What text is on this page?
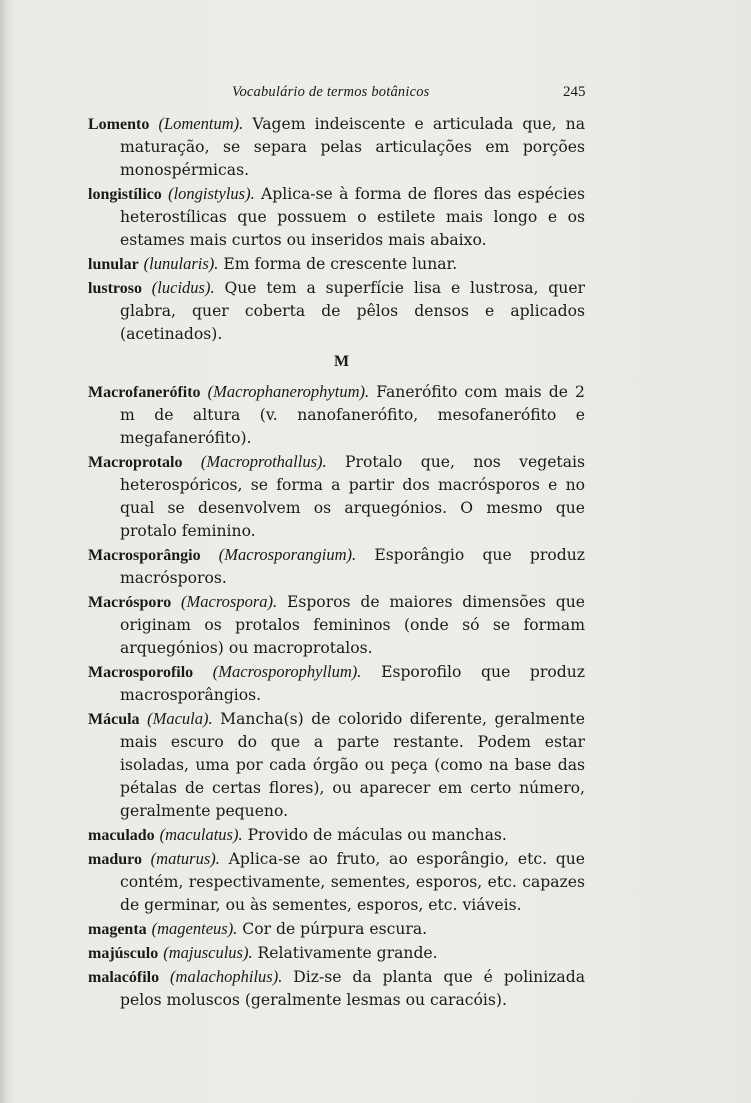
Vocabulário de termos botânicos	245

Lomento (Lomentum). Vagem indeiscente e articulada que, na maturação, se separa pelas articulações em porções monospérmicas.

longistílico (longistylus). Aplica-se à forma de flores das espécies heterostílicas que possuem o estilete mais longo e os estames mais curtos ou inseridos mais abaixo.

lunular (lunularis). Em forma de crescente lunar.

lustroso (lucidus). Que tem a superfície lisa e lustrosa, quer glabra, quer coberta de pêlos densos e aplicados (acetinados).

M

Macrofanerófito (Macrophanerophytum). Fanerófito com mais de 2 m de altura (v. nanofanerófito, mesofanerófito e megafanerófito).

Macroprotalo (Macroprothallus). Protalo que, nos vegetais heterospóricos, se forma a partir dos macrósporos e no qual se desenvolvem os arquegónios. O mesmo que protalo feminino.

Macrosporângio (Macrosporangium). Esporângio que produz macrósporos.

Macrósporo (Macrospora). Esporos de maiores dimensões que originam os protalos femininos (onde só se formam arquegónios) ou macroprotalos.

Macrosporofilo (Macrosporophyllum). Esporofilo que produz macrosporângios.

Mácula (Macula). Mancha(s) de colorido diferente, geralmente mais escuro do que a parte restante. Podem estar isoladas, uma por cada órgão ou peça (como na base das pétalas de certas flores), ou aparecer em certo número, geralmente pequeno.

maculado (maculatus). Provido de máculas ou manchas.

maduro (maturus). Aplica-se ao fruto, ao esporângio, etc. que contém, respectivamente, sementes, esporos, etc. capazes de germinar, ou às sementes, esporos, etc. viáveis.

magenta (magenteus). Cor de púrpura escura.

majúsculo (majusculus). Relativamente grande.

malacófilo (malachophilus). Diz-se da planta que é polinizada pelos moluscos (geralmente lesmas ou caracóis).
